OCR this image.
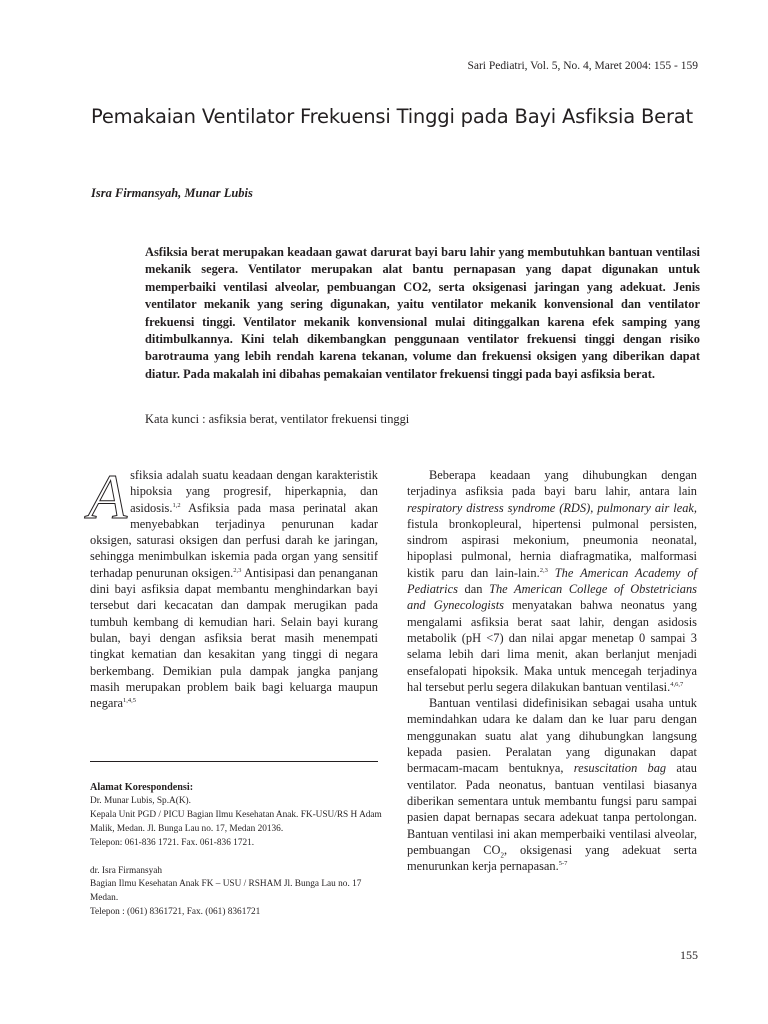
Sari Pediatri, Vol. 5, No. 4, Maret 2004: 155 - 159
Pemakaian Ventilator Frekuensi Tinggi pada Bayi Asfiksia Berat
Isra Firmansyah, Munar Lubis

Asfiksia berat merupakan keadaan gawat darurat bayi baru lahir yang membutuhkan bantuan ventilasi mekanik segera. Ventilator merupakan alat bantu pernapasan yang dapat digunakan untuk memperbaiki ventilasi alveolar, pembuangan CO2, serta oksigenasi jaringan yang adekuat. Jenis ventilator mekanik yang sering digunakan, yaitu ventilator mekanik konvensional dan ventilator frekuensi tinggi. Ventilator mekanik konvensional mulai ditinggalkan karena efek samping yang ditimbulkannya. Kini telah dikembangkan penggunaan ventilator frekuensi tinggi dengan risiko barotrauma yang lebih rendah karena tekanan, volume dan frekuensi oksigen yang diberikan dapat diatur. Pada makalah ini dibahas pemakaian ventilator frekuensi tinggi pada bayi asfiksia berat.

Kata kunci : asfiksia berat, ventilator frekuensi tinggi

Asfiksia adalah suatu keadaan dengan karakteristik hipoksia yang progresif, hiperkapnia, dan asidosis.$^{1,2}$ Asfiksia pada masa perinatal akan menyebabkan terjadinya penurunan kadar oksigen, saturasi oksigen dan perfusi darah ke jaringan, sehingga menimbulkan iskemia pada organ yang sensitif terhadap penurunan oksigen.$^{2,3}$ Antisipasi dan penanganan dini bayi asfiksia dapat membantu menghindarkan bayi tersebut dari kecacatan dan dampak merugikan pada tumbuh kembang di kemudian hari. Selain bayi kurang bulan, bayi dengan asfiksia berat masih menempati tingkat kematian dan kesakitan yang tinggi di negara berkembang. Demikian pula dampak jangka panjang masih merupakan problem baik bagi keluarga maupun negara$^{1,4,5}$

Alamat Korespondensi:

Dr. Munar Lubis, Sp.A(K).

Kepala Unit PGD / PICU Bagian Ilmu Kesehatan Anak. FK-USU/RS H Adam Malik, Medan. Jl. Bunga Lau no. 17, Medan 20136.

Telepon: 061-836 1721. Fax. 061-836 1721.

dr. Isra Firmansyah

Bagian Ilmu Kesehatan Anak FK – USU / RSHAM Jl. Bunga Lau no. 17 Medan.

Telepon : (061) 8361721, Fax. (061) 8361721

Beberapa keadaan yang dihubungkan dengan terjadinya asfiksia pada bayi baru lahir, antara lain respiratory distress syndrome (RDS), pulmonary air leak, fistula bronkopleural, hipertensi pulmonal persisten, sindrom aspirasi mekonium, pneumonia neonatal, hipoplasi pulmonal, hernia diafragmatika, malformasi kistik paru dan lain-lain.$^{2,3}$ The American Academy of Pediatrics dan The American College of Obstetricians and Gynecologists menyatakan bahwa neonatus yang mengalami asfiksia berat saat lahir, dengan asidosis metabolik (pH <7) dan nilai apgar menetap 0 sampai 3 selama lebih dari lima menit, akan berlanjut menjadi ensefalopati hipoksik. Maka untuk mencegah terjadinya hal tersebut perlu segera dilakukan bantuan ventilasi.$^{4,6,7}$

Bantuan ventilasi didefinisikan sebagai usaha untuk memindahkan udara ke dalam dan ke luar paru dengan menggunakan suatu alat yang dihubungkan langsung kepada pasien. Peralatan yang digunakan dapat bermacam-macam bentuknya, resuscitation bag atau ventilator. Pada neonatus, bantuan ventilasi biasanya diberikan sementara untuk membantu fungsi paru sampai pasien dapat bernapas secara adekuat tanpa pertolongan. Bantuan ventilasi ini akan memperbaiki ventilasi alveolar, pembuangan $CO_2$, oksigenasi yang adekuat serta menurunkan kerja pernapasan.$^{5-7}$

155
